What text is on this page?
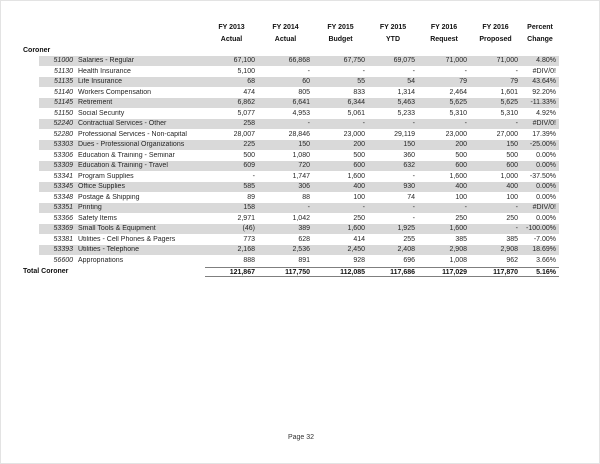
FY 2013	FY 2014	FY 2015	FY 2015	FY 2016	FY 2016	Percent
Actual	Actual	Budget	YTD	Request	Proposed	Change
Coroner
51000 Salaries - Regular	67,100	66,868	67,750	69,075	71,000	71,000	4.80%
51130 Health Insurance	5,100	-	-	-	-	-	#DIV/0!
51135 Life Insurance	68	60	55	54	79	79	43.64%
51140 Workers Compensation	474	805	833	1,314	2,464	1,601	92.20%
51145 Retirement	6,862	6,641	6,344	5,463	5,625	5,625	-11.33%
51150 Social Security	5,077	4,953	5,061	5,233	5,310	5,310	4.92%
52240 Contractual Services - Other	258	-	-	-	-	-	#DIV/0!
52280 Professional Services - Non-capital	28,007	28,846	23,000	29,119	23,000	27,000	17.39%
53303 Dues - Professional Organizations	225	150	200	150	200	150	-25.00%
53306 Education & Training - Seminar	500	1,080	500	360	500	500	0.00%
53309 Education & Training - Travel	609	720	600	632	600	600	0.00%
53341 Program Supplies	-	1,747	1,600	-	1,600	1,000	-37.50%
53345 Office Supplies	585	306	400	930	400	400	0.00%
53348 Postage & Shipping	89	88	100	74	100	100	0.00%
53351 Printing	158	-	-	-	-	-	#DIV/0!
53366 Safety Items	2,971	1,042	250	-	250	250	0.00%
53369 Small Tools & Equipment	(46)	389	1,600	1,925	1,600	-	-100.00%
53381 Utilities - Cell Phones & Pagers	773	628	414	255	385	385	-7.00%
53393 Utilities - Telephone	2,168	2,536	2,450	2,408	2,908	2,908	18.69%
56600 Appropriations	888	891	928	696	1,008	962	3.66%
Total Coroner	121,867	117,750	112,085	117,686	117,029	117,870	5.16%
Page 32
